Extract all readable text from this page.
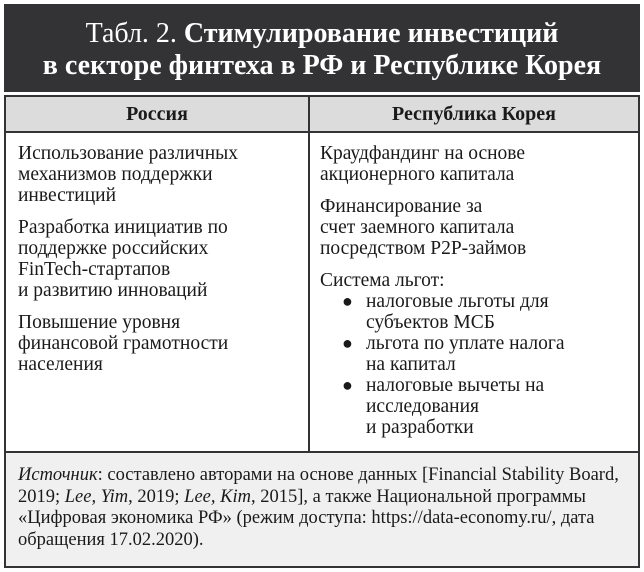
Табл. 2. Стимулирование инвестиций
в секторе финтеха в РФ и Республике Корея
Россия	Республика Корея

Использование различных
механизмов поддержки
инвестиций

Разработка инициатив по
поддержке российских
FinTech-стартапов
и развитию инноваций

Повышение уровня
финансовой грамотности
населения

Краудфандинг на основе
акционерного капитала

Финансирование за
счет заемного капитала
посредством P2P-займов

Система льгот:
● налоговые льготы для
субъектов МСБ
● льгота по уплате налога
на капитал
● налоговые вычеты на
исследования
и разработки
Источник: составлено авторами на основе данных [Financial Stability Board, 2019; Lee, Yim, 2019; Lee, Kim, 2015], а также Национальной программы «Цифровая экономика РФ» (режим доступа: https://data-economy.ru/, дата обращения 17.02.2020).
